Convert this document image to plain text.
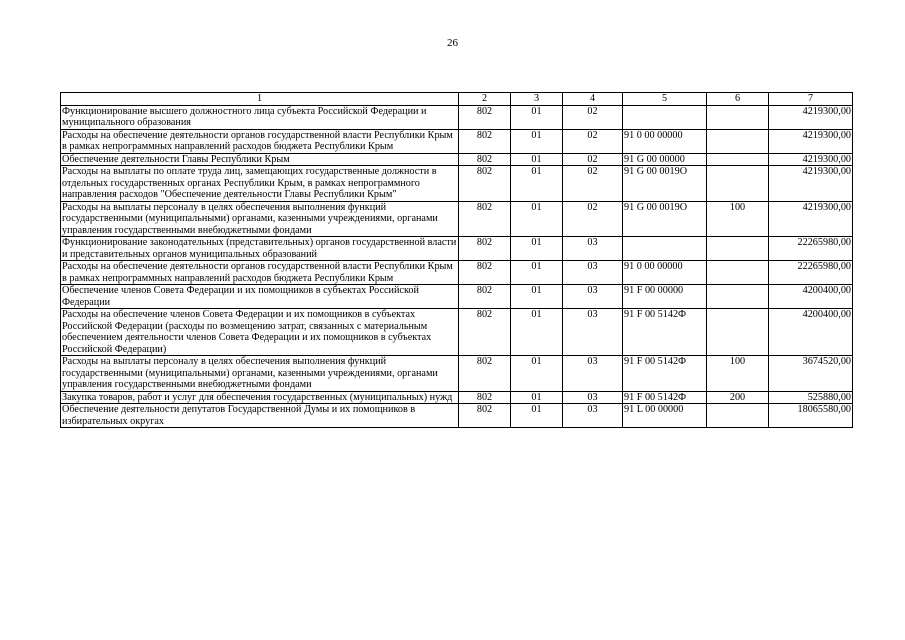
26
1	2	3	4	5	6	7
Функционирование высшего должностного лица субъекта Российской Федерации и муниципального образования	802	01	02			4219300,00
Расходы на обеспечение деятельности органов государственной власти Республики Крым в рамках непрограммных направлений расходов бюджета Республики Крым	802	01	02	91 0 00 00000		4219300,00
Обеспечение деятельности Главы Республики Крым	802	01	02	91 G 00 00000		4219300,00
Расходы на выплаты по оплате труда лиц, замещающих государственные должности в отдельных государственных органах Республики Крым, в рамках непрограммного направления расходов "Обеспечение деятельности Главы Республики Крым"	802	01	02	91 G 00 0019O		4219300,00
Расходы на выплаты персоналу в целях обеспечения выполнения функций государственными (муниципальными) органами, казенными учреждениями, органами управления государственными внебюджетными фондами	802	01	02	91 G 00 0019O	100	4219300,00
Функционирование законодательных (представительных) органов государственной власти и представительных органов муниципальных образований	802	01	03			22265980,00
Расходы на обеспечение деятельности органов государственной власти Республики Крым в рамках непрограммных направлений расходов бюджета Республики Крым	802	01	03	91 0 00 00000		22265980,00
Обеспечение членов Совета Федерации и их помощников в субъектах Российской Федерации	802	01	03	91 F 00 00000		4200400,00
Расходы на обеспечение членов Совета Федерации и их помощников в субъектах Российской Федерации (расходы по возмещению затрат, связанных с материальным обеспечением деятельности членов Совета Федерации и их помощников в субъектах Российской Федерации)	802	01	03	91 F 00 5142Ф		4200400,00
Расходы на выплаты персоналу в целях обеспечения выполнения функций государственными (муниципальными) органами, казенными учреждениями, органами управления государственными внебюджетными фондами	802	01	03	91 F 00 5142Ф	100	3674520,00
Закупка товаров, работ и услуг для обеспечения государственных (муниципальных) нужд	802	01	03	91 F 00 5142Ф	200	525880,00
Обеспечение деятельности депутатов Государственной Думы и их помощников в избирательных округах	802	01	03	91 L 00 00000		18065580,00
